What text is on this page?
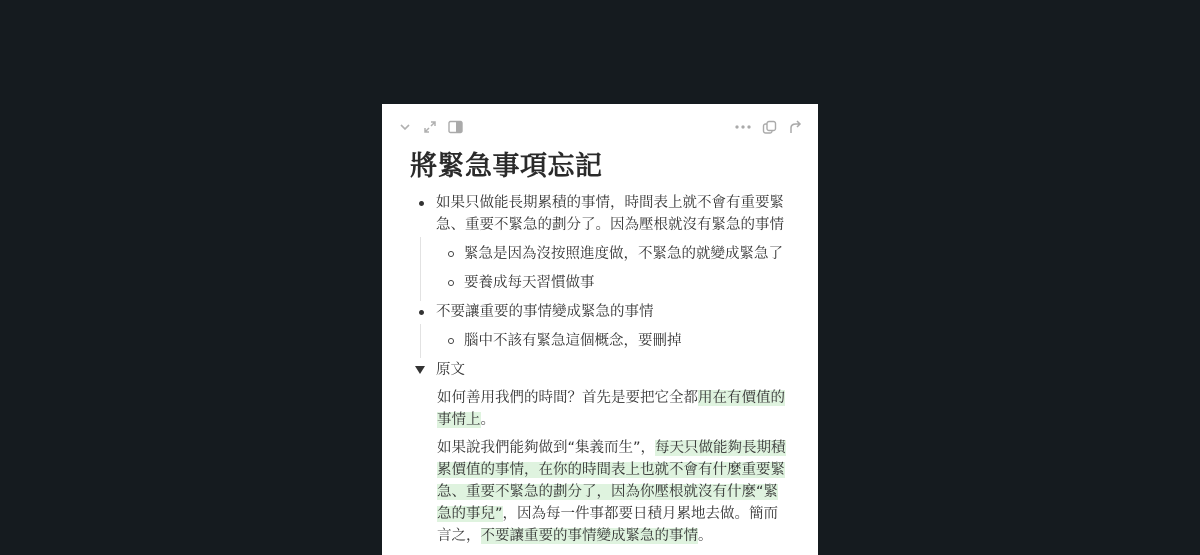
將緊急事項忘記
如果只做能長期累積的事情，時間表上就不會有重要緊急、重要不緊急的劃分了。因為壓根就沒有緊急的事情
緊急是因為沒按照進度做，不緊急的就變成緊急了
要養成每天習慣做事
不要讓重要的事情變成緊急的事情
腦中不該有緊急這個概念，要刪掉
原文
如何善用我們的時間？首先是要把它全都用在有價值的事情上。
如果說我們能夠做到“集義而生”，每天只做能夠長期積累價值的事情，在你的時間表上也就不會有什麼重要緊急、重要不緊急的劃分了，因為你壓根就沒有什麼“緊急的事兒”，因為每一件事都要日積月累地去做。簡而言之，不要讓重要的事情變成緊急的事情。
